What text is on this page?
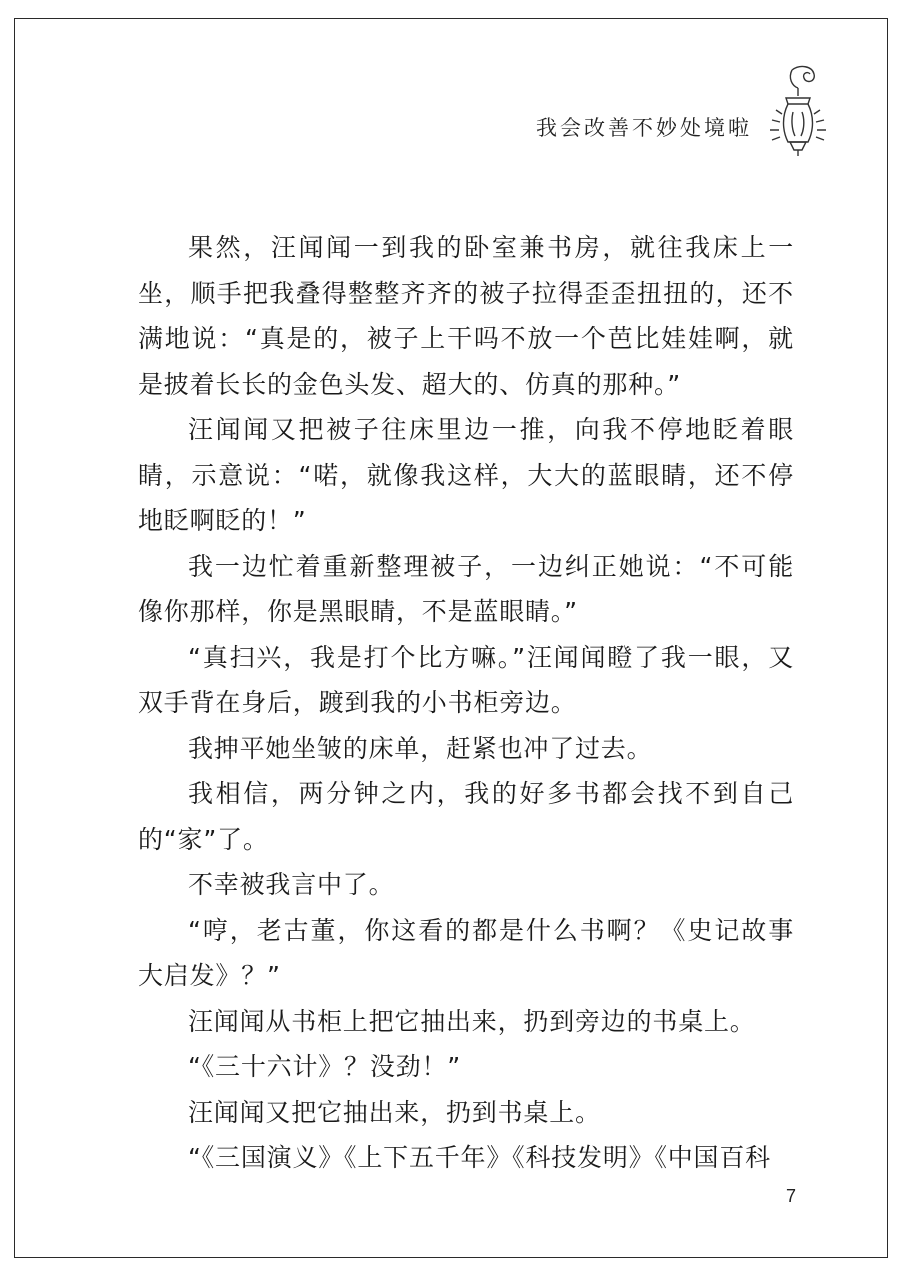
我会改善不妙处境啦

果然，汪闻闻一到我的卧室兼书房，就往我床上一坐，顺手把我叠得整整齐齐的被子拉得歪歪扭扭的，还不满地说：“真是的，被子上干吗不放一个芭比娃娃啊，就是披着长长的金色头发、超大的、仿真的那种。”

汪闻闻又把被子往床里边一推，向我不停地眨着眼睛，示意说：“喏，就像我这样，大大的蓝眼睛，还不停地眨啊眨的！”

我一边忙着重新整理被子，一边纠正她说：“不可能像你那样，你是黑眼睛，不是蓝眼睛。”

“真扫兴，我是打个比方嘛。”汪闻闻瞪了我一眼，又双手背在身后，踱到我的小书柜旁边。

我抻平她坐皱的床单，赶紧也冲了过去。

我相信，两分钟之内，我的好多书都会找不到自己的“家”了。

不幸被我言中了。

“哼，老古董，你这看的都是什么书啊？《史记故事大启发》？”

汪闻闻从书柜上把它抽出来，扔到旁边的书桌上。

“《三十六计》？没劲！”

汪闻闻又把它抽出来，扔到书桌上。

“《三国演义》《上下五千年》《科技发明》《中国百科

7
